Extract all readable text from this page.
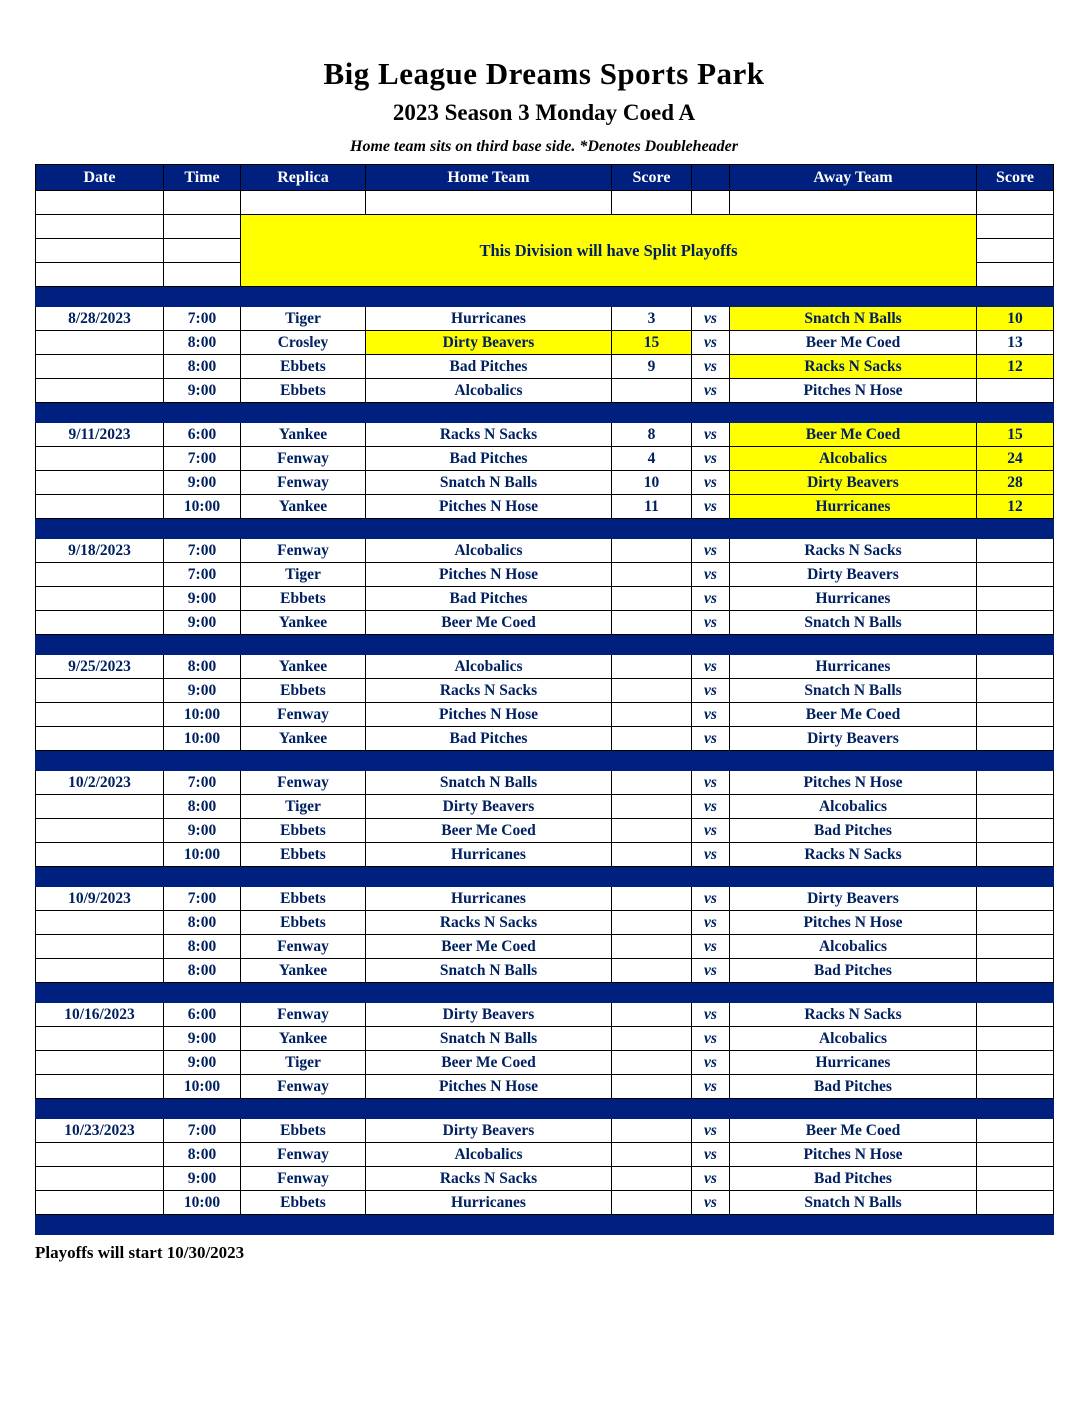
Big League Dreams Sports Park
2023 Season 3 Monday Coed A
Home team sits on third base side. *Denotes Doubleheader
Date	Time	Replica	Home Team	Score		Away Team	Score

		This Division will have Split Playoffs					

8/28/2023	7:00	Tiger	Hurricanes	3	vs	Snatch N Balls	10
	8:00	Crosley	Dirty Beavers	15	vs	Beer Me Coed	13
	8:00	Ebbets	Bad Pitches	9	vs	Racks N Sacks	12
	9:00	Ebbets	Alcobalics		vs	Pitches N Hose	

9/11/2023	6:00	Yankee	Racks N Sacks	8	vs	Beer Me Coed	15
	7:00	Fenway	Bad Pitches	4	vs	Alcobalics	24
	9:00	Fenway	Snatch N Balls	10	vs	Dirty Beavers	28
	10:00	Yankee	Pitches N Hose	11	vs	Hurricanes	12

9/18/2023	7:00	Fenway	Alcobalics		vs	Racks N Sacks	
	7:00	Tiger	Pitches N Hose		vs	Dirty Beavers	
	9:00	Ebbets	Bad Pitches		vs	Hurricanes	
	9:00	Yankee	Beer Me Coed		vs	Snatch N Balls	

9/25/2023	8:00	Yankee	Alcobalics		vs	Hurricanes	
	9:00	Ebbets	Racks N Sacks		vs	Snatch N Balls	
	10:00	Fenway	Pitches N Hose		vs	Beer Me Coed	
	10:00	Yankee	Bad Pitches		vs	Dirty Beavers	

10/2/2023	7:00	Fenway	Snatch N Balls		vs	Pitches N Hose	
	8:00	Tiger	Dirty Beavers		vs	Alcobalics	
	9:00	Ebbets	Beer Me Coed		vs	Bad Pitches	
	10:00	Ebbets	Hurricanes		vs	Racks N Sacks	

10/9/2023	7:00	Ebbets	Hurricanes		vs	Dirty Beavers	
	8:00	Ebbets	Racks N Sacks		vs	Pitches N Hose	
	8:00	Fenway	Beer Me Coed		vs	Alcobalics	
	8:00	Yankee	Snatch N Balls		vs	Bad Pitches	

10/16/2023	6:00	Fenway	Dirty Beavers		vs	Racks N Sacks	
	9:00	Yankee	Snatch N Balls		vs	Alcobalics	
	9:00	Tiger	Beer Me Coed		vs	Hurricanes	
	10:00	Fenway	Pitches N Hose		vs	Bad Pitches	

10/23/2023	7:00	Ebbets	Dirty Beavers		vs	Beer Me Coed	
	8:00	Fenway	Alcobalics		vs	Pitches N Hose	
	9:00	Fenway	Racks N Sacks		vs	Bad Pitches	
	10:00	Ebbets	Hurricanes		vs	Snatch N Balls	

Playoffs will start 10/30/2023
